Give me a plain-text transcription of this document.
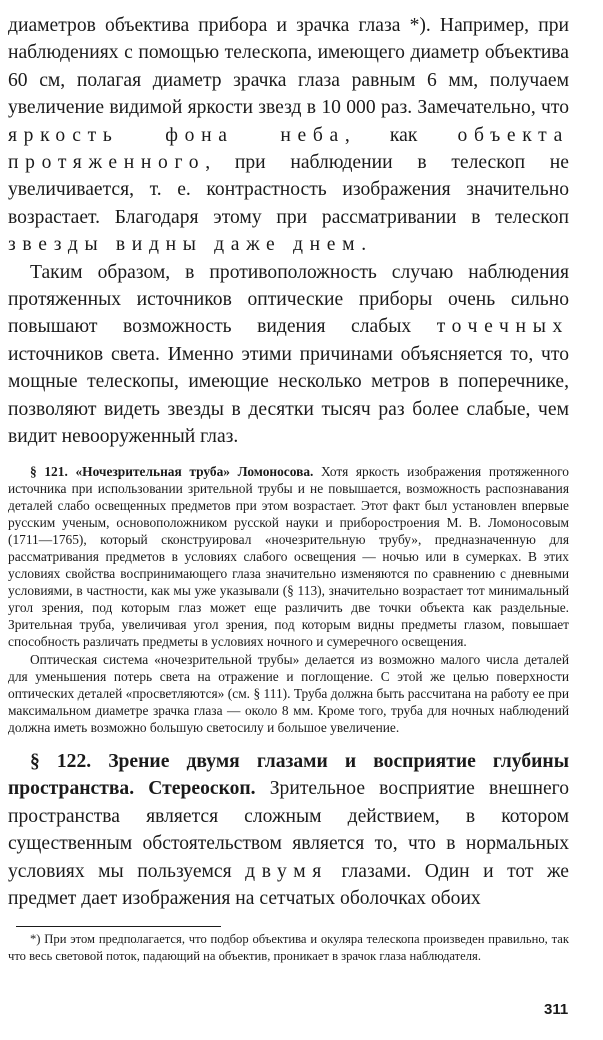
диаметров объектива прибора и зрачка глаза *). Например, при наблюдениях с помощью телескопа, имеющего диаметр объектива 60 см, полагая диаметр зрачка глаза равным 6 мм, получаем увеличение видимой яркости звезд в 10 000 раз. Замечательно, что яркость фона неба, как объекта протяженного, при наблюдении в телескоп не увеличивается, т. е. контрастность изображения значительно возрастает. Благодаря этому при рассматривании в телескоп звезды видны даже днем.

Таким образом, в противоположность случаю наблюдения протяженных источников оптические приборы очень сильно повышают возможность видения слабых точечных источников света. Именно этими причинами объясняется то, что мощные телескопы, имеющие несколько метров в поперечнике, позволяют видеть звезды в десятки тысяч раз более слабые, чем видит невооруженный глаз.

§ 121. «Ночезрительная труба» Ломоносова. Хотя яркость изображения протяженного источника при использовании зрительной трубы и не повышается, возможность распознавания деталей слабо освещенных предметов при этом возрастает. Этот факт был установлен впервые русским ученым, основоположником русской науки и приборостроения М. В. Ломоносовым (1711—1765), который сконструировал «ночезрительную трубу», предназначенную для рассматривания предметов в условиях слабого освещения — ночью или в сумерках. В этих условиях свойства воспринимающего глаза значительно изменяются по сравнению с дневными условиями, в частности, как мы уже указывали (§ 113), значительно возрастает тот минимальный угол зрения, под которым глаз может еще различить две точки объекта как раздельные. Зрительная труба, увеличивая угол зрения, под которым видны предметы глазом, повышает способность различать предметы в условиях ночного и сумеречного освещения.

Оптическая система «ночезрительной трубы» делается из возможно малого числа деталей для уменьшения потерь света на отражение и поглощение. С этой же целью поверхности оптических деталей «просветляются» (см. § 111). Труба должна быть рассчитана на работу ее при максимальном диаметре зрачка глаза — около 8 мм. Кроме того, труба для ночных наблюдений должна иметь возможно большую светосилу и большое увеличение.

§ 122. Зрение двумя глазами и восприятие глубины пространства. Стереоскоп. Зрительное восприятие внешнего пространства является сложным действием, в котором существенным обстоятельством является то, что в нормальных условиях мы пользуемся двумя глазами. Один и тот же предмет дает изображения на сетчатых оболочках обоих

*) При этом предполагается, что подбор объектива и окуляра телескопа произведен правильно, так что весь световой поток, падающий на объектив, проникает в зрачок глаза наблюдателя.

311
